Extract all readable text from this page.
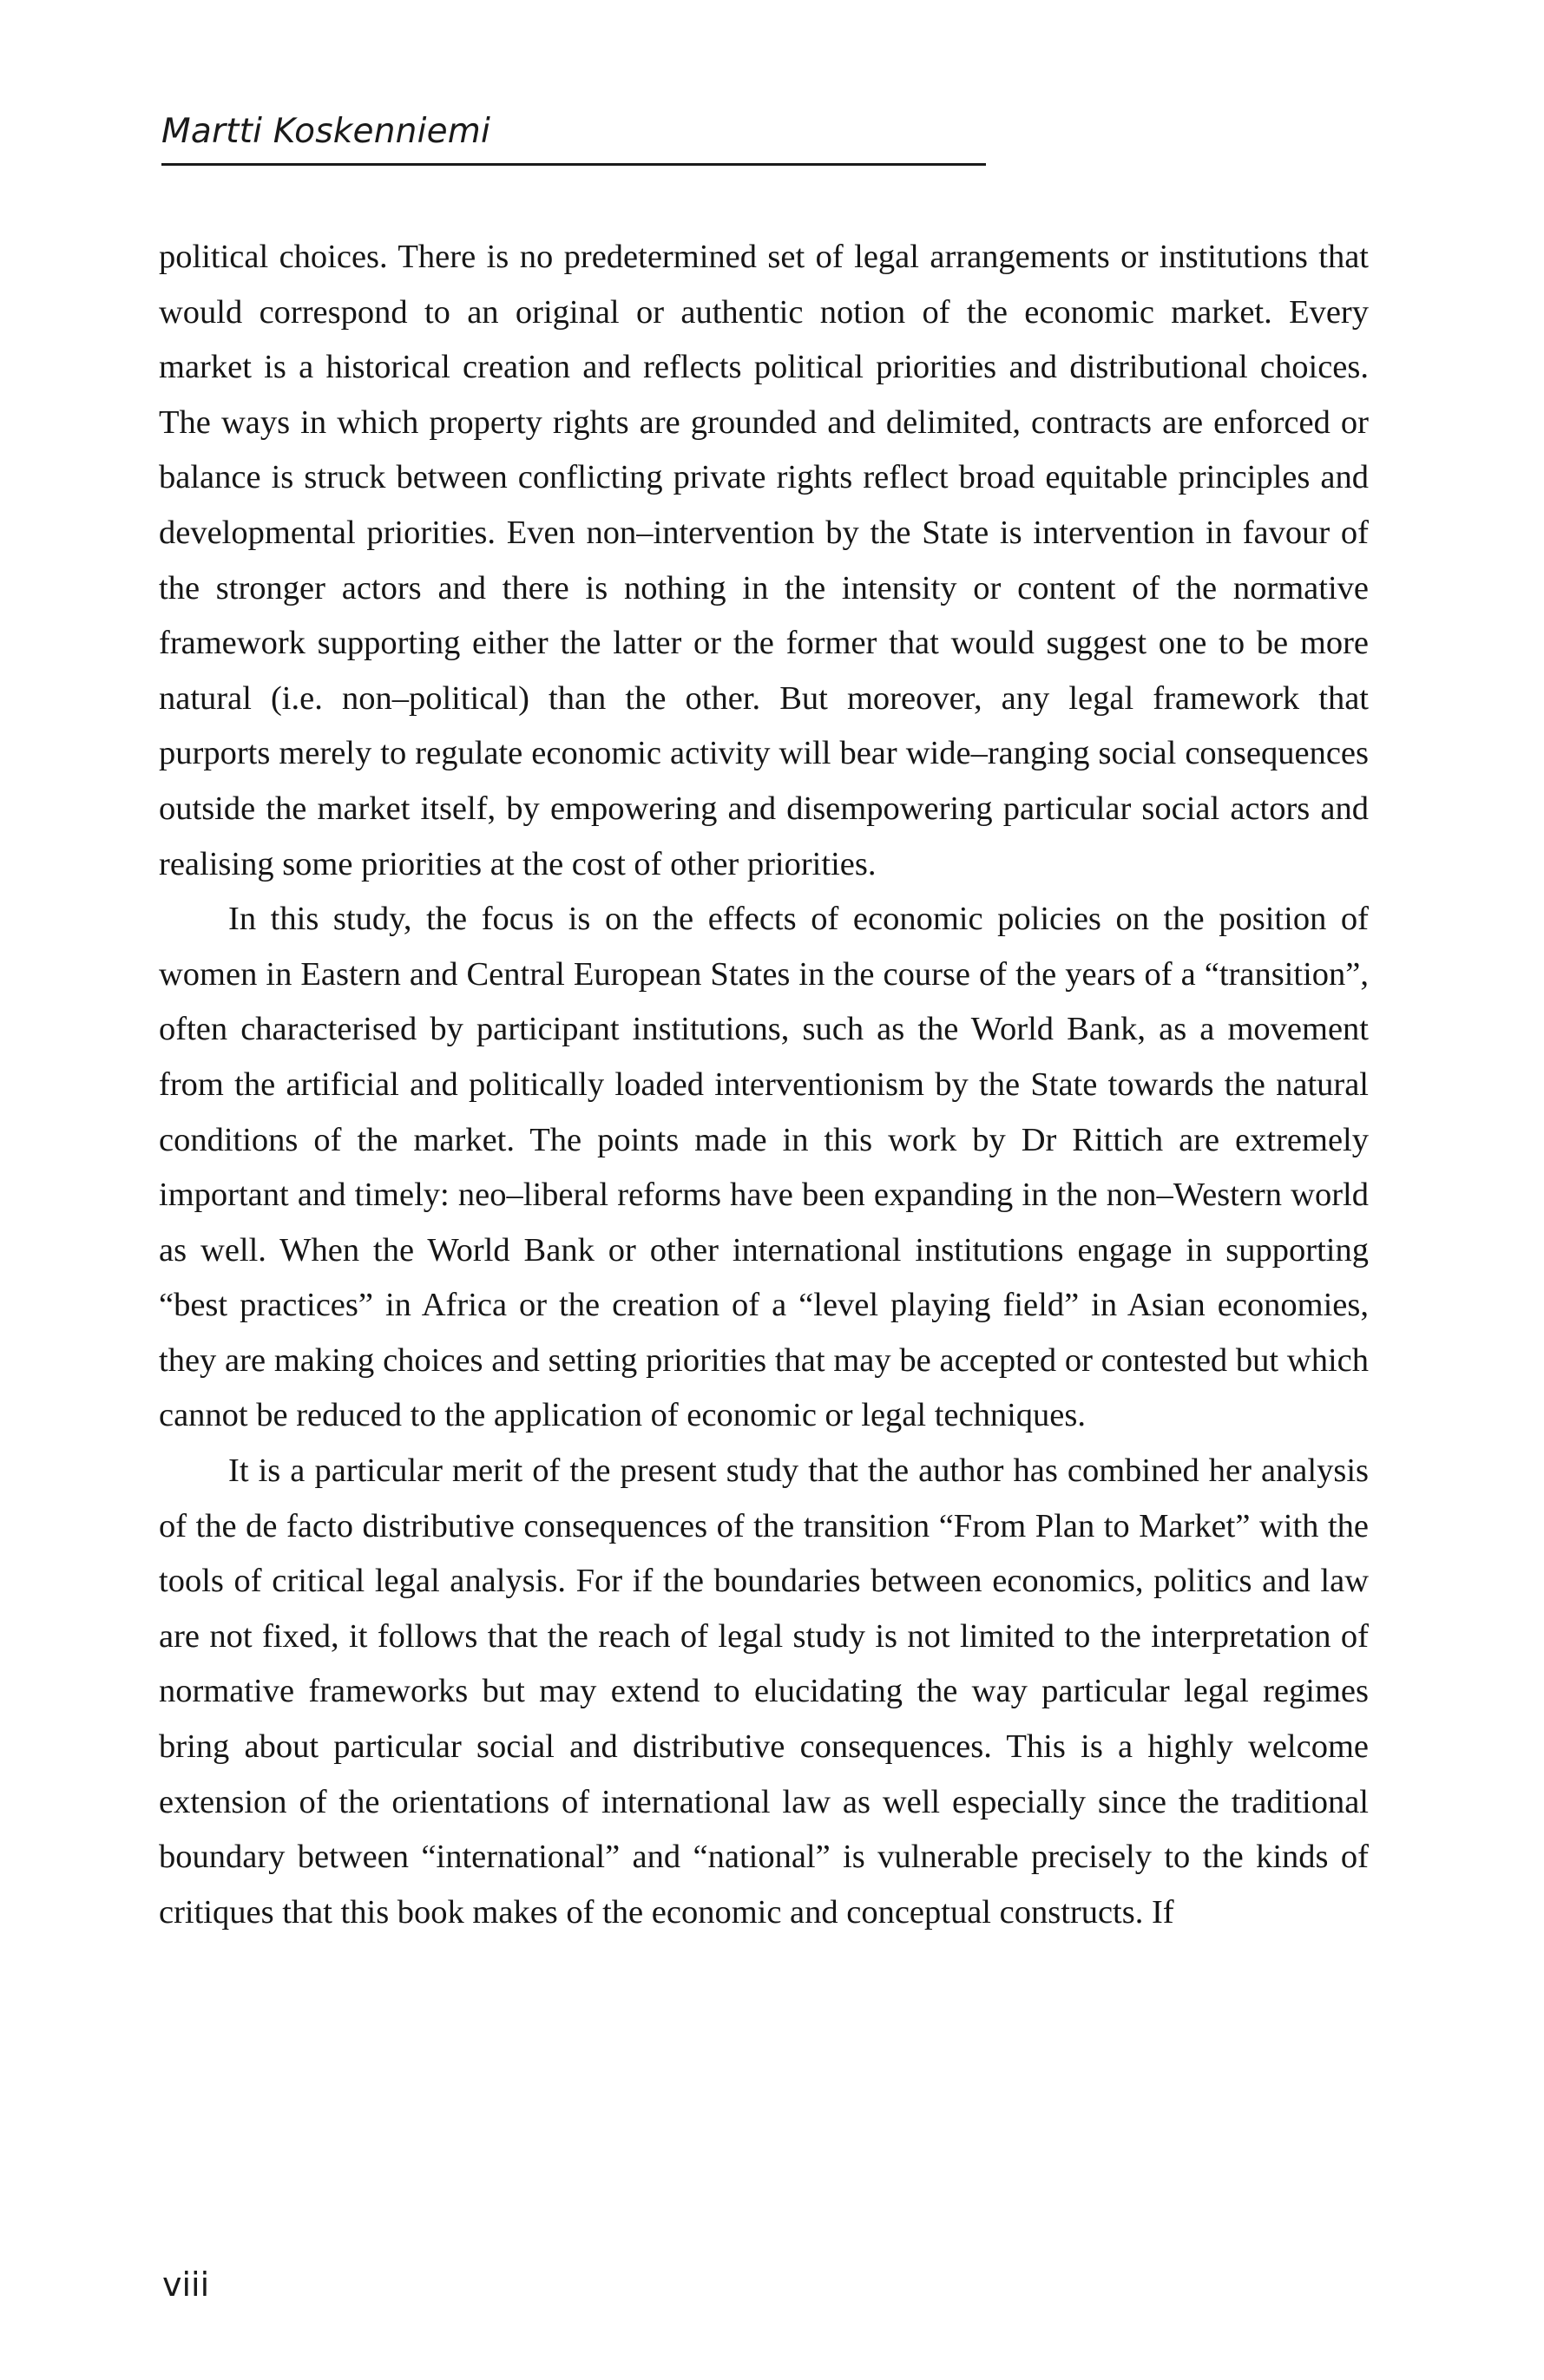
Martti Koskenniemi

political choices. There is no predetermined set of legal arrangements or institutions that would correspond to an original or authentic notion of the economic market. Every market is a historical creation and reflects political priorities and distributional choices. The ways in which property rights are grounded and delimited, contracts are enforced or balance is struck between conflicting private rights reflect broad equitable principles and developmental priorities. Even non–intervention by the State is intervention in favour of the stronger actors and there is nothing in the intensity or content of the normative framework supporting either the latter or the former that would suggest one to be more natural (i.e. non–political) than the other. But moreover, any legal framework that purports merely to regulate economic activity will bear wide–ranging social consequences outside the market itself, by empowering and disempowering particular social actors and realising some priorities at the cost of other priorities.

In this study, the focus is on the effects of economic policies on the position of women in Eastern and Central European States in the course of the years of a “transition”, often characterised by participant institutions, such as the World Bank, as a movement from the artificial and politically loaded interventionism by the State towards the natural conditions of the market. The points made in this work by Dr Rittich are extremely important and timely: neo–liberal reforms have been expanding in the non–Western world as well. When the World Bank or other international institutions engage in supporting “best practices” in Africa or the creation of a “level playing field” in Asian economies, they are making choices and setting priorities that may be accepted or contested but which cannot be reduced to the application of economic or legal techniques.

It is a particular merit of the present study that the author has combined her analysis of the de facto distributive consequences of the transition “From Plan to Market” with the tools of critical legal analysis. For if the boundaries between economics, politics and law are not fixed, it follows that the reach of legal study is not limited to the interpretation of normative frameworks but may extend to elucidating the way particular legal regimes bring about particular social and distributive consequences. This is a highly welcome extension of the orientations of international law as well especially since the traditional boundary between “international” and “national” is vulnerable precisely to the kinds of critiques that this book makes of the economic and conceptual constructs. If

viii
